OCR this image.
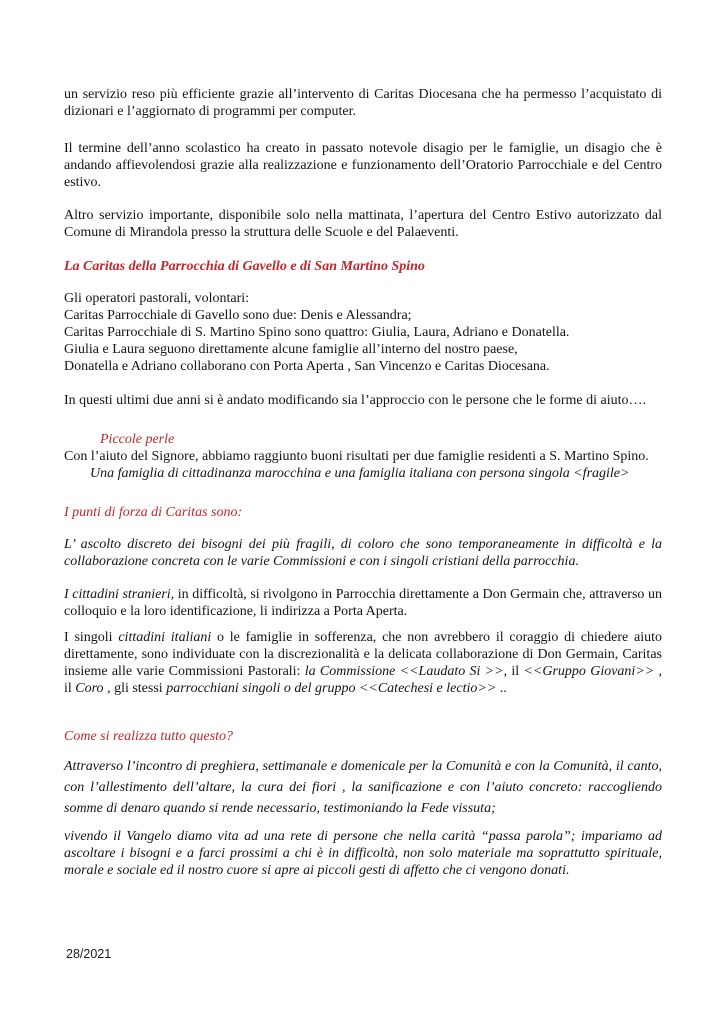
un servizio reso più efficiente grazie all’intervento di Caritas Diocesana che ha permesso l’acquistato di dizionari e l’aggiornato di programmi per computer.

Il termine dell’anno scolastico ha creato in passato notevole disagio per le famiglie, un disagio che è andando affievolendosi grazie alla realizzazione e funzionamento dell’Oratorio Parrocchiale e del Centro estivo.

Altro servizio importante, disponibile solo nella mattinata, l’apertura del Centro Estivo autorizzato dal Comune di Mirandola presso la struttura delle Scuole e del Palaeventi.

La Caritas della Parrocchia di Gavello e di San Martino Spino

Gli operatori pastorali, volontari:

Caritas Parrocchiale di Gavello sono due: Denis e Alessandra;

Caritas Parrocchiale di S. Martino Spino sono quattro: Giulia, Laura, Adriano e Donatella.

Giulia e Laura seguono direttamente alcune famiglie all’interno del nostro paese,

Donatella e Adriano collaborano con Porta Aperta , San Vincenzo e Caritas Diocesana.

In questi ultimi due anni si è andato modificando sia l’approccio con le persone che le forme di aiuto….

Piccole perle

Con l’aiuto del Signore, abbiamo raggiunto buoni risultati per due famiglie residenti a S. Martino Spino.

Una famiglia di cittadinanza marocchina e una famiglia italiana con persona singola <fragile>

I punti di forza di Caritas sono:

L’ ascolto discreto dei bisogni dei più fragili, di coloro che sono temporaneamente in difficoltà e la collaborazione concreta con le varie Commissioni e con i singoli cristiani della parrocchia.

I cittadini stranieri, in difficoltà, si rivolgono in Parrocchia direttamente a Don Germain che, attraverso un colloquio e la loro identificazione, li indirizza a Porta Aperta.

I singoli cittadini italiani o le famiglie in sofferenza, che non avrebbero il coraggio di chiedere aiuto direttamente, sono individuate con la discrezionalità e la delicata collaborazione di Don Germain, Caritas insieme alle varie Commissioni Pastorali: la Commissione <<Laudato Si >>, il <<Gruppo Giovani>> , il Coro , gli stessi parrocchiani singoli o del gruppo <<Catechesi e lectio>> ..

Come si realizza tutto questo?

Attraverso l’incontro di preghiera, settimanale e domenicale per la Comunità e con la Comunità, il canto, con l’allestimento dell’altare, la cura dei fiori , la sanificazione e con l’aiuto concreto: raccogliendo somme di denaro quando si rende necessario, testimoniando la Fede vissuta;

vivendo il Vangelo diamo vita ad una rete di persone che nella carità “passa parola”; impariamo ad ascoltare i bisogni e a farci prossimi a chi è in difficoltà, non solo materiale ma soprattutto spirituale, morale e sociale ed il nostro cuore si apre ai piccoli gesti di affetto che ci vengono donati.

28/2021
